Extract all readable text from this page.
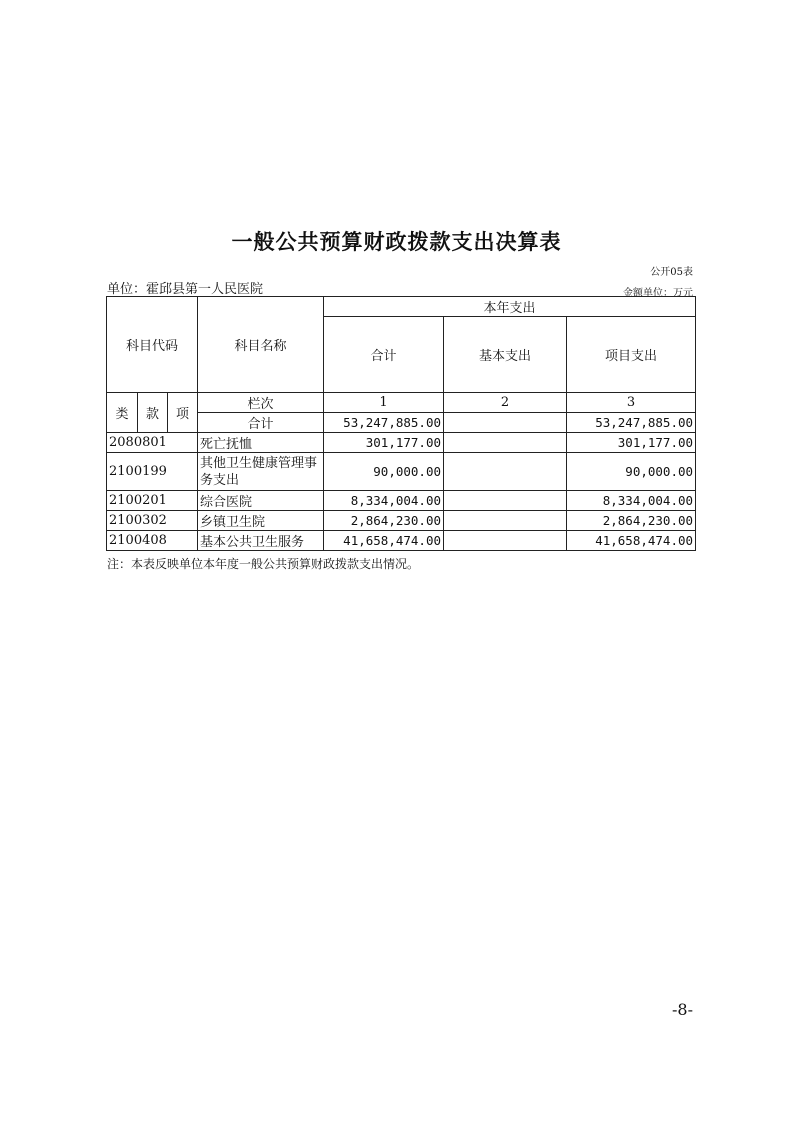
一般公共预算财政拨款支出决算表
公开05表
单位：霍邱县第一人民医院	金额单位：万元
科目代码			科目名称	本年支出		
				合计	基本支出	项目支出
类	款	项	栏次	1	2	3
			合计	53,247,885.00		53,247,885.00
2080801			死亡抚恤	301,177.00		301,177.00
2100199			其他卫生健康管理事务支出	90,000.00		90,000.00
2100201			综合医院	8,334,004.00		8,334,004.00
2100302			乡镇卫生院	2,864,230.00		2,864,230.00
2100408			基本公共卫生服务	41,658,474.00		41,658,474.00
注：本表反映单位本年度一般公共预算财政拨款支出情况。
-8-
